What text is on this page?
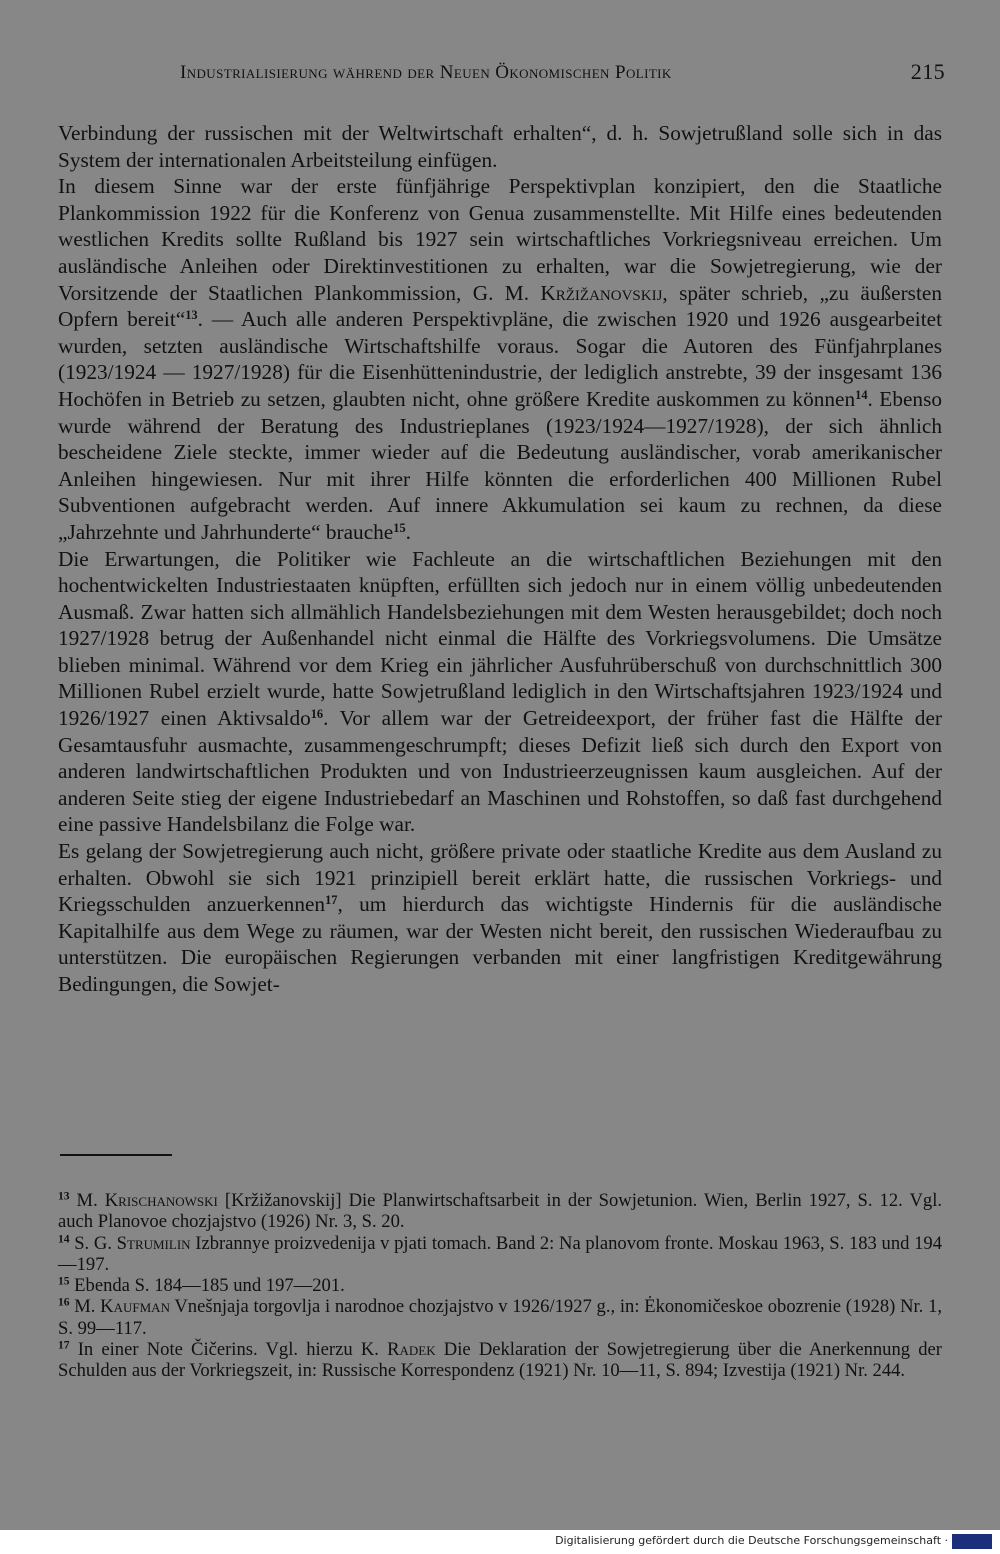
Industrialisierung während der Neuen Ökonomischen Politik	215

Verbindung der russischen mit der Weltwirtschaft erhalten“, d. h. Sowjetrußland solle sich in das System der internationalen Arbeitsteilung einfügen.

In diesem Sinne war der erste fünfjährige Perspektivplan konzipiert, den die Staatliche Plankommission 1922 für die Konferenz von Genua zusammenstellte. Mit Hilfe eines bedeutenden westlichen Kredits sollte Rußland bis 1927 sein wirtschaftliches Vorkriegsniveau erreichen. Um ausländische Anleihen oder Direktinvestitionen zu erhalten, war die Sowjetregierung, wie der Vorsitzende der Staatlichen Plankommission, G. M. Kržižanovskij, später schrieb, „zu äußersten Opfern bereit“$^{13}$. — Auch alle anderen Perspektivpläne, die zwischen 1920 und 1926 ausgearbeitet wurden, setzten ausländische Wirtschaftshilfe voraus. Sogar die Autoren des Fünfjahrplanes (1923/1924 — 1927/1928) für die Eisenhüttenindustrie, der lediglich anstrebte, 39 der insgesamt 136 Hochöfen in Betrieb zu setzen, glaubten nicht, ohne größere Kredite auskommen zu können$^{14}$. Ebenso wurde während der Beratung des Industrieplanes (1923/1924—1927/1928), der sich ähnlich bescheidene Ziele steckte, immer wieder auf die Bedeutung ausländischer, vorab amerikanischer Anleihen hingewiesen. Nur mit ihrer Hilfe könnten die erforderlichen 400 Millionen Rubel Subventionen aufgebracht werden. Auf innere Akkumulation sei kaum zu rechnen, da diese „Jahrzehnte und Jahrhunderte“ brauche$^{15}$.

Die Erwartungen, die Politiker wie Fachleute an die wirtschaftlichen Beziehungen mit den hochentwickelten Industriestaaten knüpften, erfüllten sich jedoch nur in einem völlig unbedeutenden Ausmaß. Zwar hatten sich allmählich Handelsbeziehungen mit dem Westen herausgebildet; doch noch 1927/1928 betrug der Außenhandel nicht einmal die Hälfte des Vorkriegsvolumens. Die Umsätze blieben minimal. Während vor dem Krieg ein jährlicher Ausfuhrüberschuß von durchschnittlich 300 Millionen Rubel erzielt wurde, hatte Sowjetrußland lediglich in den Wirtschaftsjahren 1923/1924 und 1926/1927 einen Aktivsaldo$^{16}$. Vor allem war der Getreideexport, der früher fast die Hälfte der Gesamtausfuhr ausmachte, zusammengeschrumpft; dieses Defizit ließ sich durch den Export von anderen landwirtschaftlichen Produkten und von Industrieerzeugnissen kaum ausgleichen. Auf der anderen Seite stieg der eigene Industriebedarf an Maschinen und Rohstoffen, so daß fast durchgehend eine passive Handelsbilanz die Folge war.

Es gelang der Sowjetregierung auch nicht, größere private oder staatliche Kredite aus dem Ausland zu erhalten. Obwohl sie sich 1921 prinzipiell bereit erklärt hatte, die russischen Vorkriegs- und Kriegsschulden anzuerkennen$^{17}$, um hierdurch das wichtigste Hindernis für die ausländische Kapitalhilfe aus dem Wege zu räumen, war der Westen nicht bereit, den russischen Wiederaufbau zu unterstützen. Die europäischen Regierungen verbanden mit einer langfristigen Kreditgewährung Bedingungen, die Sowjet-

$^{13}$ M. Krischanowski [Kržižanovskij] Die Planwirtschaftsarbeit in der Sowjetunion. Wien, Berlin 1927, S. 12. Vgl. auch Planovoe chozjajstvo (1926) Nr. 3, S. 20.

$^{14}$ S. G. Strumilin Izbrannye proizvedenija v pjati tomach. Band 2: Na planovom fronte. Moskau 1963, S. 183 und 194—197.

$^{15}$ Ebenda S. 184—185 und 197—201.

$^{16}$ M. Kaufman Vnešnjaja torgovlja i narodnoe chozjajstvo v 1926/1927 g., in: Ėkonomičeskoe obozrenie (1928) Nr. 1, S. 99—117.

$^{17}$ In einer Note Čičerins. Vgl. hierzu K. Radek Die Deklaration der Sowjetregierung über die Anerkennung der Schulden aus der Vorkriegszeit, in: Russische Korrespondenz (1921) Nr. 10—11, S. 894; Izvestija (1921) Nr. 244.

Digitalisierung gefördert durch die Deutsche Forschungsgemeinschaft ·
